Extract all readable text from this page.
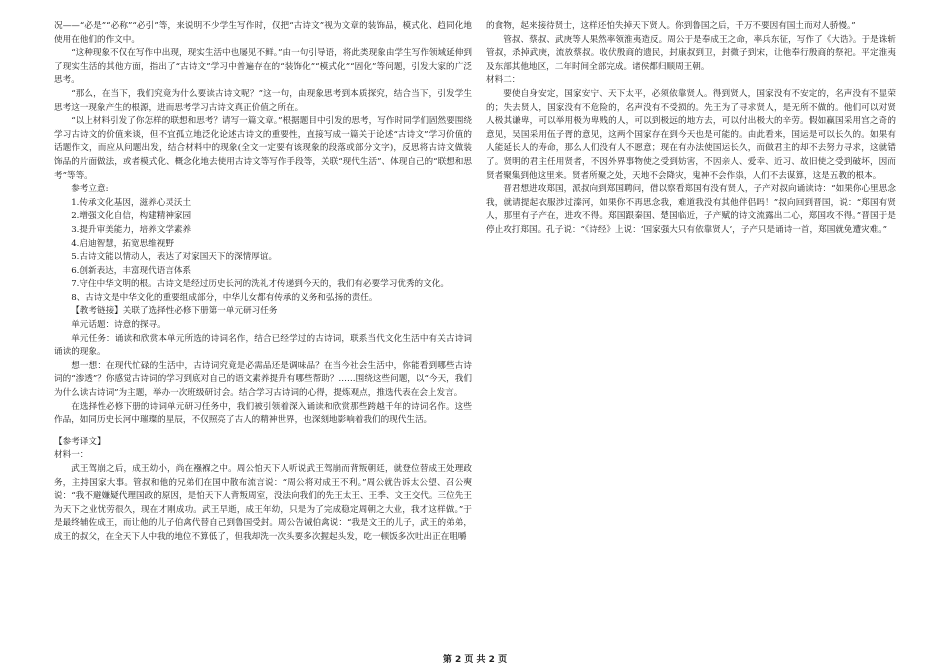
况——“必是”“必称”“必引”等，来说明不少学生写作时，仅把“古诗文”视为文章的装饰品，模式化、趋同化地使用在他们的作文中。

“这种现象不仅在写作中出现，现实生活中也屡见不鲜。”由一句引导语，将此类现象由学生写作领域延伸到了现实生活的其他方面，指出了“古诗文”学习中普遍存在的“装饰化”“模式化”“固化”等问题，引发大家的广泛思考。

“那么，在当下，我们究竟为什么要读古诗文呢？”这一句，由现象思考到本质探究，结合当下，引发学生思考这一现象产生的根源，进而思考学习古诗文真正价值之所在。

“以上材料引发了你怎样的联想和思考？请写一篇文章。”根据题目中引发的思考，写作时同学们固然要围绕学习古诗文的价值来谈，但不宜孤立地泛化论述古诗文的重要性，直接写成一篇关于论述“古诗文”学习价值的话题作文，而应从问题出发，结合材料中的现象(全文一定要有该现象的段落或部分文字)，反思将古诗文做装饰品的片面做法，或者模式化、概念化地去使用古诗文等写作手段等，关联“现代生活”、体现自己的“联想和思考”等等。

参考立意:

1.传承文化基因，滋养心灵沃土

2.增强文化自信，构建精神家园

3.提升审美能力，培养文学素养

4.启迪智慧，拓宽思维视野

5.古诗文能以情动人，表达了对家国天下的深情厚谊。

6.创新表达，丰富现代语言体系

7.守住中华文明的根。古诗文是经过历史长河的洗礼才传递到今天的，我们有必要学习优秀的文化。

8、古诗文是中华文化的重要组成部分，中华儿女都有传承的义务和弘扬的责任。

【教考链接】关联了选择性必修下册第一单元研习任务

单元话题：诗意的探寻。

单元任务：诵读和欣赏本单元所选的诗词名作，结合已经学过的古诗词，联系当代文化生活中有关古诗词诵读的现象。

想一想：在现代忙碌的生活中，古诗词究竟是必需品还是调味品？在当今社会生活中，你能看到哪些古诗词的“渗透”？你感觉古诗词的学习到底对自己的语文素养提升有哪些帮助？……围绕这些问题，以“今天，我们为什么读古诗词”为主题，举办一次班级研讨会。结合学习古诗词的心得，提炼观点，推选代表在会上发言。

在选择性必修下册的诗词单元研习任务中，我们被引领着深入诵读和欣赏那些跨越千年的诗词名作。这些作品，如同历史长河中璀璨的星辰，不仅照亮了古人的精神世界，也深刻地影响着我们的现代生活。

【参考译文】

材料一：

武王驾崩之后，成王幼小，尚在襁褓之中。周公怕天下人听说武王驾崩而背叛朝廷，就登位替成王处理政务，主持国家大事。管叔和他的兄弟们在国中散布流言说：“周公将对成王不利。”周公就告诉太公望、召公奭说：“我不避嫌疑代理国政的原因，是怕天下人背叛周室，没法向我们的先王太王、王季、文王交代。三位先王为天下之业忧劳很久，现在才刚成功。武王早逝，成王年幼，只是为了完成稳定周朝之大业，我才这样做。”于是最终辅佐成王，而让他的儿子伯禽代替自己到鲁国受封。周公告诫伯禽说：“我是文王的儿子，武王的弟弟，成王的叔父，在全天下人中我的地位不算低了，但我却洗一次头要多次握起头发，吃一顿饭多次吐出正在咀嚼

的食物，起来接待贤士，这样还怕失掉天下贤人。你到鲁国之后，千万不要因有国土而对人骄慢。”

管叔、蔡叔、武庚等人果然率领淮夷造反。周公于是奉成王之命，率兵东征，写作了《大诰》。于是诛斩管叔，杀掉武庚，流放蔡叔。收伏殷商的遗民，封康叔到卫，封微子到宋，让他奉行殷商的祭祀。平定淮夷及东部其他地区，二年时间全部完成。诸侯都归顺周王朝。

材料二：

要使自身安定，国家安宁、天下太平，必须依靠贤人。得到贤人，国家没有不安定的，名声没有不显荣的；失去贤人，国家没有不危险的，名声没有不受损的。先王为了寻求贤人，是无所不做的。他们可以对贤人极其谦卑，可以举用极为卑贱的人，可以到极远的地方去，可以付出极大的辛劳。假如赢国采用宫之奇的意见，吴国采用伍子胥的意见，这两个国家存在到今天也是可能的。由此看来，国运是可以长久的。如果有人能延长人的寿命，那么人们没有人不愿意；现在有办法使国运长久，而做君主的却不去努力寻求，这就错了。贤明的君主任用贤者，不因外界事物使之受到妨害，不因亲人、爱幸、近习、故旧使之受到破坏，因而贤者聚集到他这里来。贤者所聚之处，天地不会降灾，鬼神不会作祟，人们不去谋算，这是五教的根本。

晋君想进攻郑国，派叔向到郑国聘问，借以察看郑国有没有贤人，子产对叔向诵读诗：“如果你心里思念我，就请提起衣服涉过溱河，如果你不再思念我，难道我没有其他伴侣吗！”叔向回到晋国，说：“郑国有贤人，那里有子产在，进攻不得。郑国跟秦国、楚国临近，子产赋的诗文流露出二心，郑国攻不得。”晋国于是停止攻打郑国。孔子说：“《诗经》上说：‘国家强大只有依靠贤人’，子产只是诵诗一首，郑国就免遭灾难。”

第 2 页 共 2 页
